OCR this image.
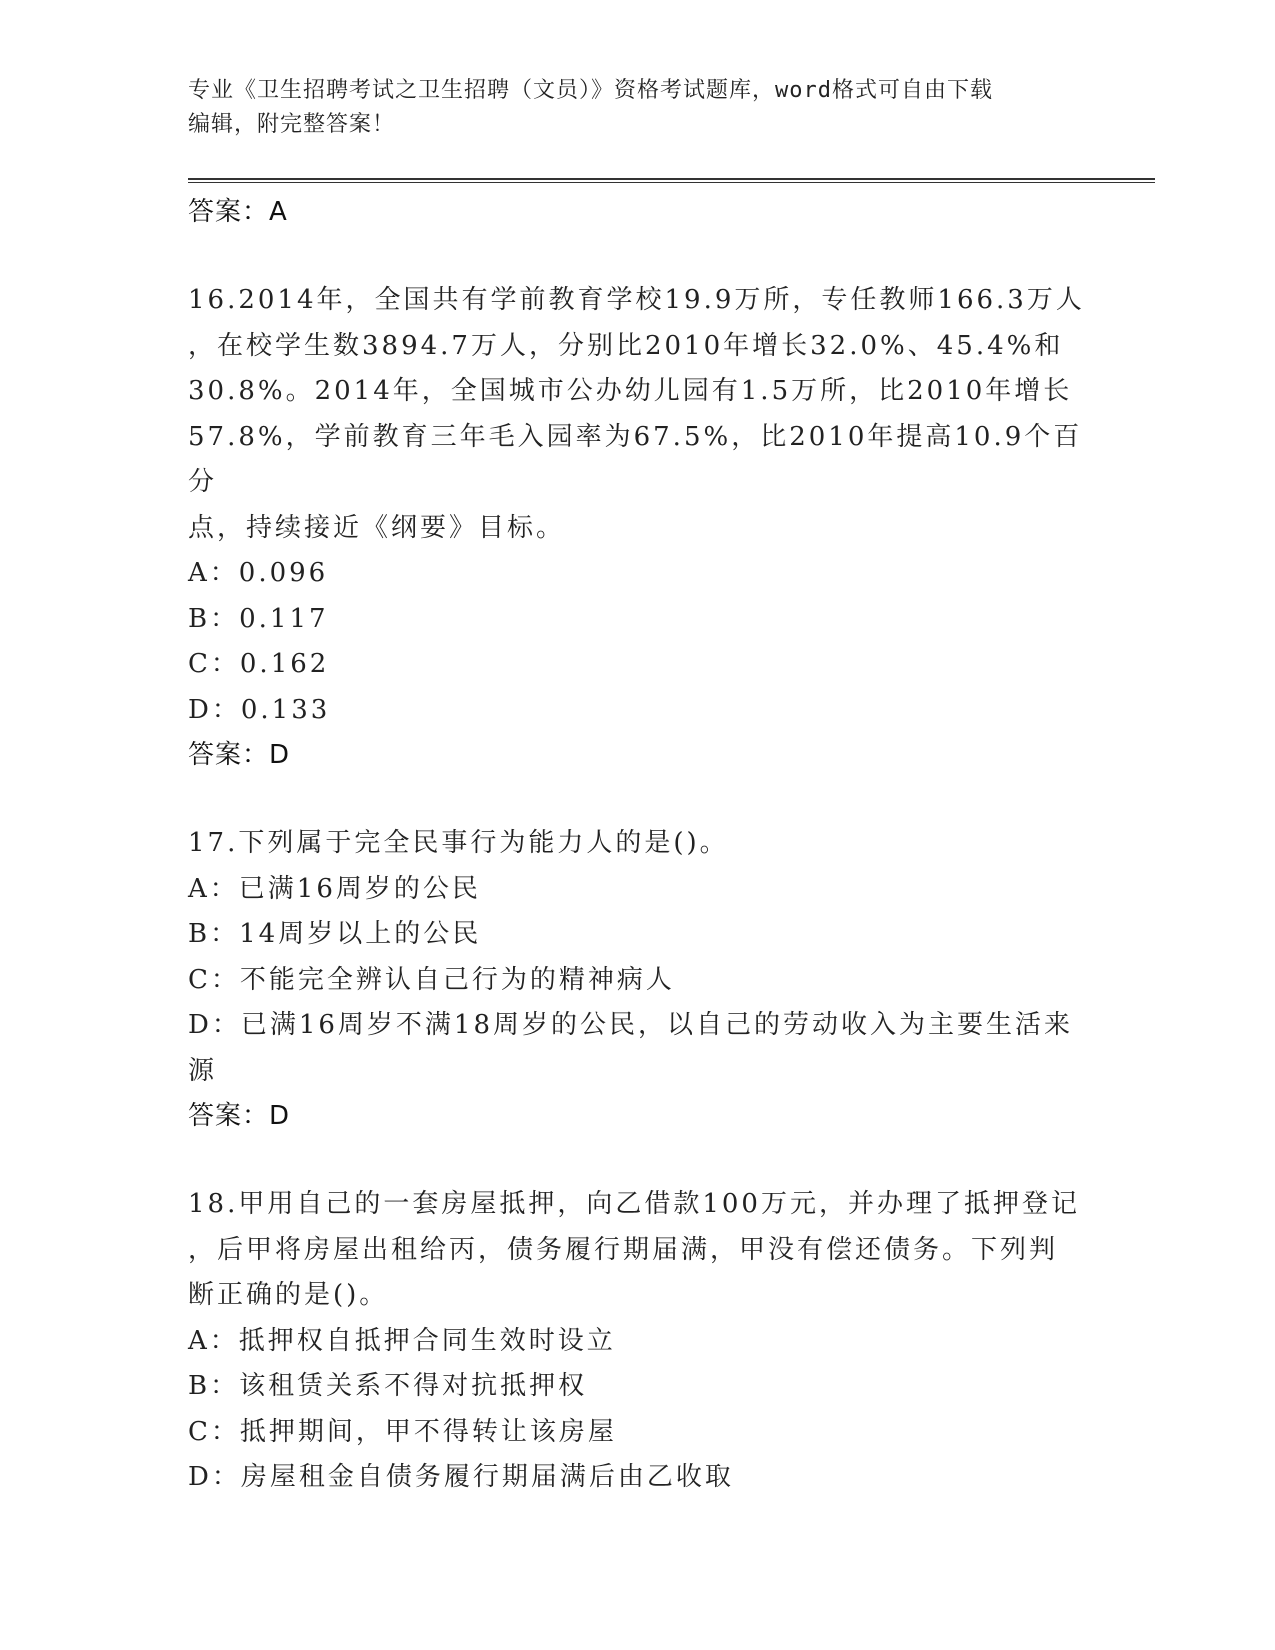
专业《卫生招聘考试之卫生招聘（文员）》资格考试题库，word格式可自由下载
编辑，附完整答案！
答案：A
16.2014年，全国共有学前教育学校19.9万所，专任教师166.3万人
，在校学生数3894.7万人，分别比2010年增长32.0%、45.4%和
30.8%。2014年，全国城市公办幼儿园有1.5万所，比2010年增长
57.8%，学前教育三年毛入园率为67.5%，比2010年提高10.9个百分
点，持续接近《纲要》目标。
A：0.096
B：0.117
C：0.162
D：0.133
答案：D
17.下列属于完全民事行为能力人的是()。
A：已满16周岁的公民
B：14周岁以上的公民
C：不能完全辨认自己行为的精神病人
D：已满16周岁不满18周岁的公民，以自己的劳动收入为主要生活来
源
答案：D
18.甲用自己的一套房屋抵押，向乙借款100万元，并办理了抵押登记
，后甲将房屋出租给丙，债务履行期届满，甲没有偿还债务。下列判
断正确的是()。
A：抵押权自抵押合同生效时设立
B：该租赁关系不得对抗抵押权
C：抵押期间，甲不得转让该房屋
D：房屋租金自债务履行期届满后由乙收取
